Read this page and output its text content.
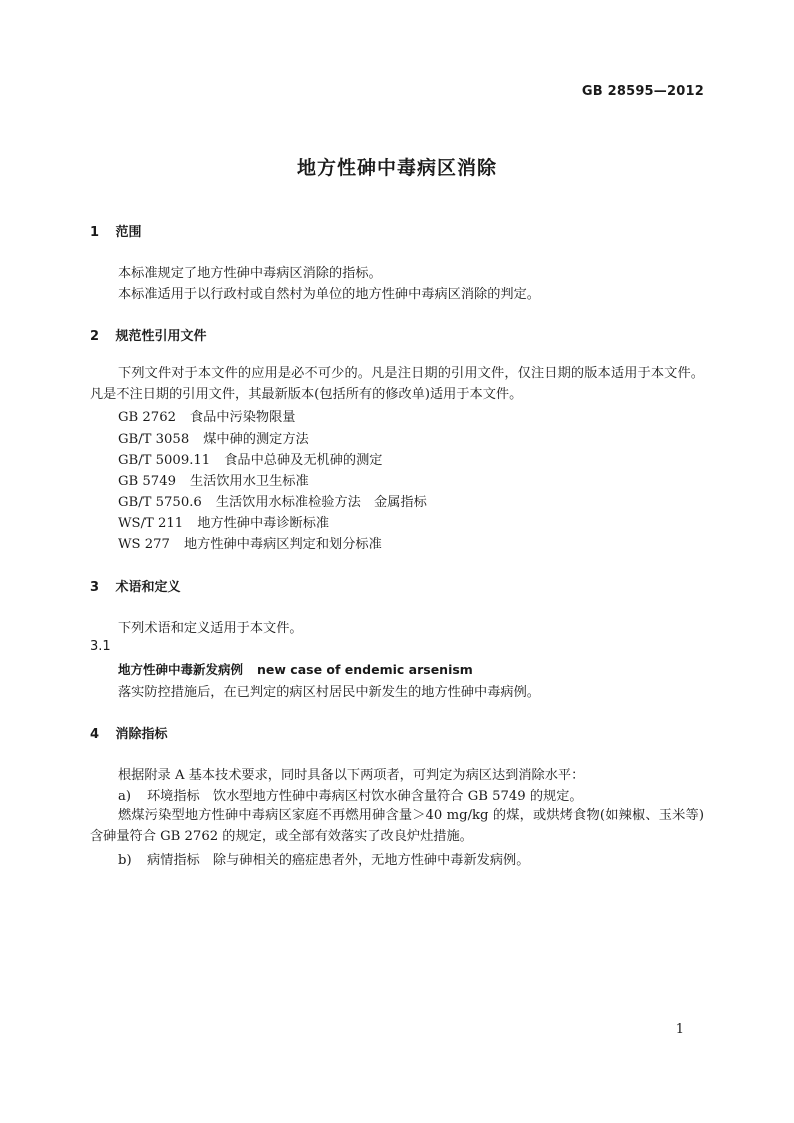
GB 28595—2012
地方性砷中毒病区消除
1 范围
本标准规定了地方性砷中毒病区消除的指标。
本标准适用于以行政村或自然村为单位的地方性砷中毒病区消除的判定。
2 规范性引用文件
下列文件对于本文件的应用是必不可少的。凡是注日期的引用文件，仅注日期的版本适用于本文件。凡是不注日期的引用文件，其最新版本(包括所有的修改单)适用于本文件。
GB 2762 食品中污染物限量
GB/T 3058 煤中砷的测定方法
GB/T 5009.11 食品中总砷及无机砷的测定
GB 5749 生活饮用水卫生标准
GB/T 5750.6 生活饮用水标准检验方法　金属指标
WS/T 211 地方性砷中毒诊断标准
WS 277 地方性砷中毒病区判定和划分标准
3 术语和定义
下列术语和定义适用于本文件。
3.1
地方性砷中毒新发病例 new case of endemic arsenism
落实防控措施后，在已判定的病区村居民中新发生的地方性砷中毒病例。
4 消除指标
根据附录 A 基本技术要求，同时具备以下两项者，可判定为病区达到消除水平：
a) 环境指标　饮水型地方性砷中毒病区村饮水砷含量符合 GB 5749 的规定。
燃煤污染型地方性砷中毒病区家庭不再燃用砷含量＞40 mg/kg 的煤，或烘烤食物(如辣椒、玉米等)含砷量符合 GB 2762 的规定，或全部有效落实了改良炉灶措施。
b) 病情指标　除与砷相关的癌症患者外，无地方性砷中毒新发病例。
1
